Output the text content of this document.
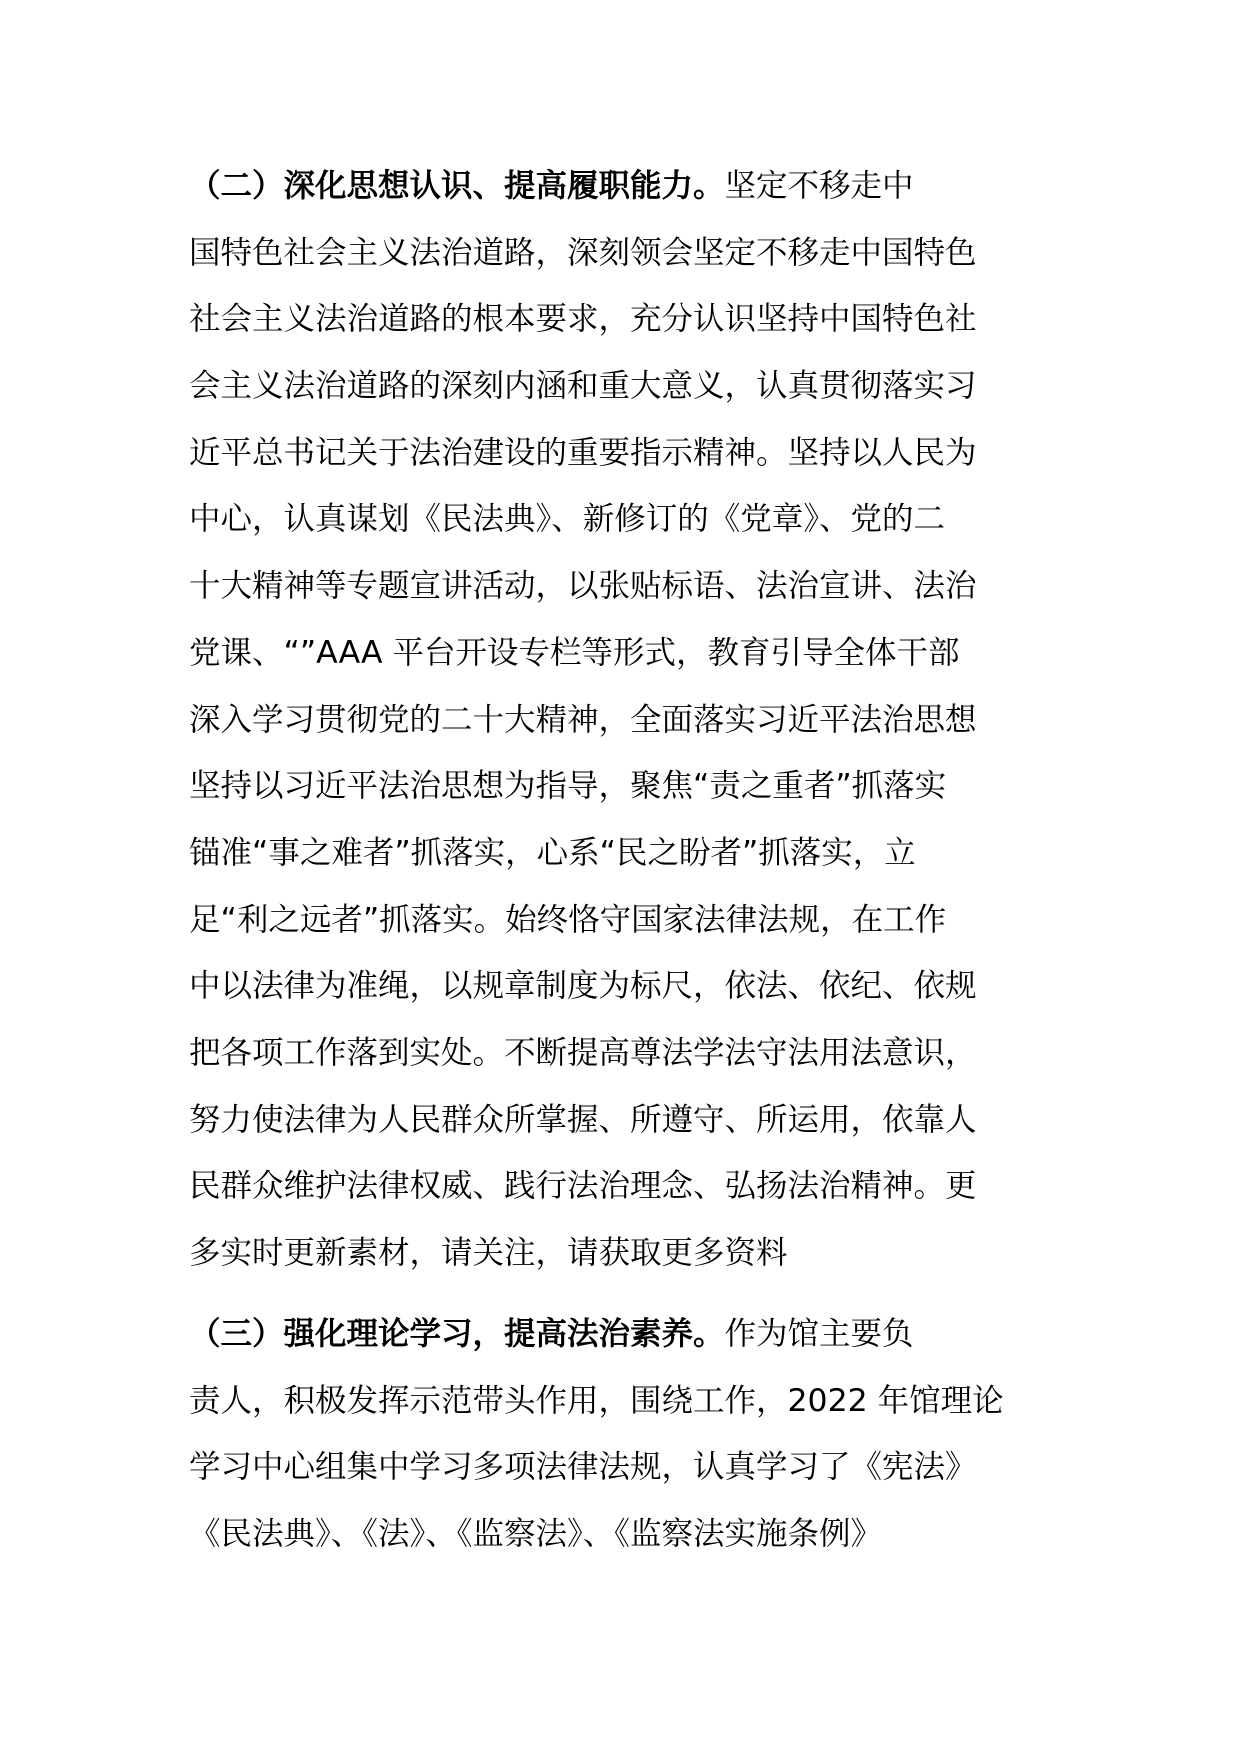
（二）深化思想认识、提高履职能力。坚定不移走中
国特色社会主义法治道路，深刻领会坚定不移走中国特色
社会主义法治道路的根本要求，充分认识坚持中国特色社
会主义法治道路的深刻内涵和重大意义，认真贯彻落实习
近平总书记关于法治建设的重要指示精神。坚持以人民为
中心，认真谋划《民法典》、新修订的《党章》、党的二
十大精神等专题宣讲活动，以张贴标语、法治宣讲、法治
党课、“”AAA 平台开设专栏等形式，教育引导全体干部
深入学习贯彻党的二十大精神，全面落实习近平法治思想
坚持以习近平法治思想为指导，聚焦“责之重者”抓落实
锚准“事之难者”抓落实，心系“民之盼者”抓落实，立
足“利之远者”抓落实。始终恪守国家法律法规，在工作
中以法律为准绳，以规章制度为标尺，依法、依纪、依规
把各项工作落到实处。不断提高尊法学法守法用法意识，
努力使法律为人民群众所掌握、所遵守、所运用，依靠人
民群众维护法律权威、践行法治理念、弘扬法治精神。更
多实时更新素材，请关注，请获取更多资料
（三）强化理论学习，提高法治素养。作为馆主要负
责人，积极发挥示范带头作用，围绕工作，2022 年馆理论
学习中心组集中学习多项法律法规，认真学习了《宪法》
《民法典》、《法》、《监察法》、《监察法实施条例》
